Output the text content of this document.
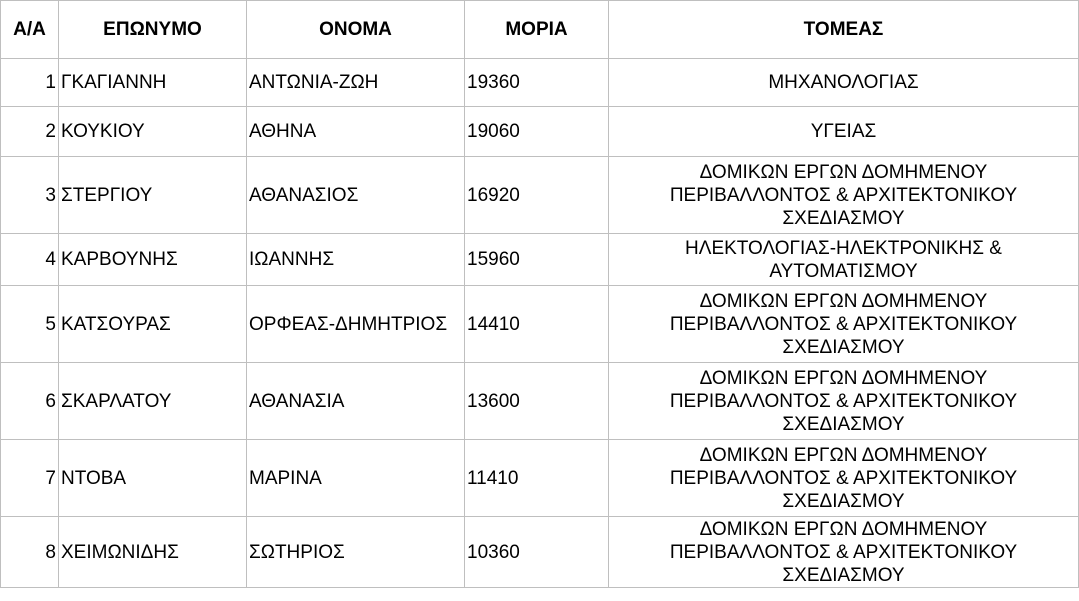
Α/Α	ΕΠΩΝΥΜΟ	ΟΝΟΜΑ	ΜΟΡΙΑ	ΤΟΜΕΑΣ
1	ΓΚΑΓΙΑΝΝΗ	ΑΝΤΩΝΙΑ-ΖΩΗ	19360	ΜΗΧΑΝΟΛΟΓΙΑΣ
2	ΚΟΥΚΙΟΥ	ΑΘΗΝΑ	19060	ΥΓΕΙΑΣ
3	ΣΤΕΡΓΙΟΥ	ΑΘΑΝΑΣΙΟΣ	16920	ΔΟΜΙΚΩΝ ΕΡΓΩΝ ΔΟΜΗΜΕΝΟΥ
ΠΕΡΙΒΑΛΛΟΝΤΟΣ & ΑΡΧΙΤΕΚΤΟΝΙΚΟΥ
ΣΧΕΔΙΑΣΜΟΥ
4	ΚΑΡΒΟΥΝΗΣ	ΙΩΑΝΝΗΣ	15960	ΗΛΕΚΤΟΛΟΓΙΑΣ-ΗΛΕΚΤΡΟΝΙΚΗΣ &
ΑΥΤΟΜΑΤΙΣΜΟΥ
5	ΚΑΤΣΟΥΡΑΣ	ΟΡΦΕΑΣ-ΔΗΜΗΤΡΙΟΣ	14410	ΔΟΜΙΚΩΝ ΕΡΓΩΝ ΔΟΜΗΜΕΝΟΥ
ΠΕΡΙΒΑΛΛΟΝΤΟΣ & ΑΡΧΙΤΕΚΤΟΝΙΚΟΥ
ΣΧΕΔΙΑΣΜΟΥ
6	ΣΚΑΡΛΑΤΟΥ	ΑΘΑΝΑΣΙΑ	13600	ΔΟΜΙΚΩΝ ΕΡΓΩΝ ΔΟΜΗΜΕΝΟΥ
ΠΕΡΙΒΑΛΛΟΝΤΟΣ & ΑΡΧΙΤΕΚΤΟΝΙΚΟΥ
ΣΧΕΔΙΑΣΜΟΥ
7	ΝΤΟΒΑ	ΜΑΡΙΝΑ	11410	ΔΟΜΙΚΩΝ ΕΡΓΩΝ ΔΟΜΗΜΕΝΟΥ
ΠΕΡΙΒΑΛΛΟΝΤΟΣ & ΑΡΧΙΤΕΚΤΟΝΙΚΟΥ
ΣΧΕΔΙΑΣΜΟΥ
8	ΧΕΙΜΩΝΙΔΗΣ	ΣΩΤΗΡΙΟΣ	10360	ΔΟΜΙΚΩΝ ΕΡΓΩΝ ΔΟΜΗΜΕΝΟΥ
ΠΕΡΙΒΑΛΛΟΝΤΟΣ & ΑΡΧΙΤΕΚΤΟΝΙΚΟΥ
ΣΧΕΔΙΑΣΜΟΥ
